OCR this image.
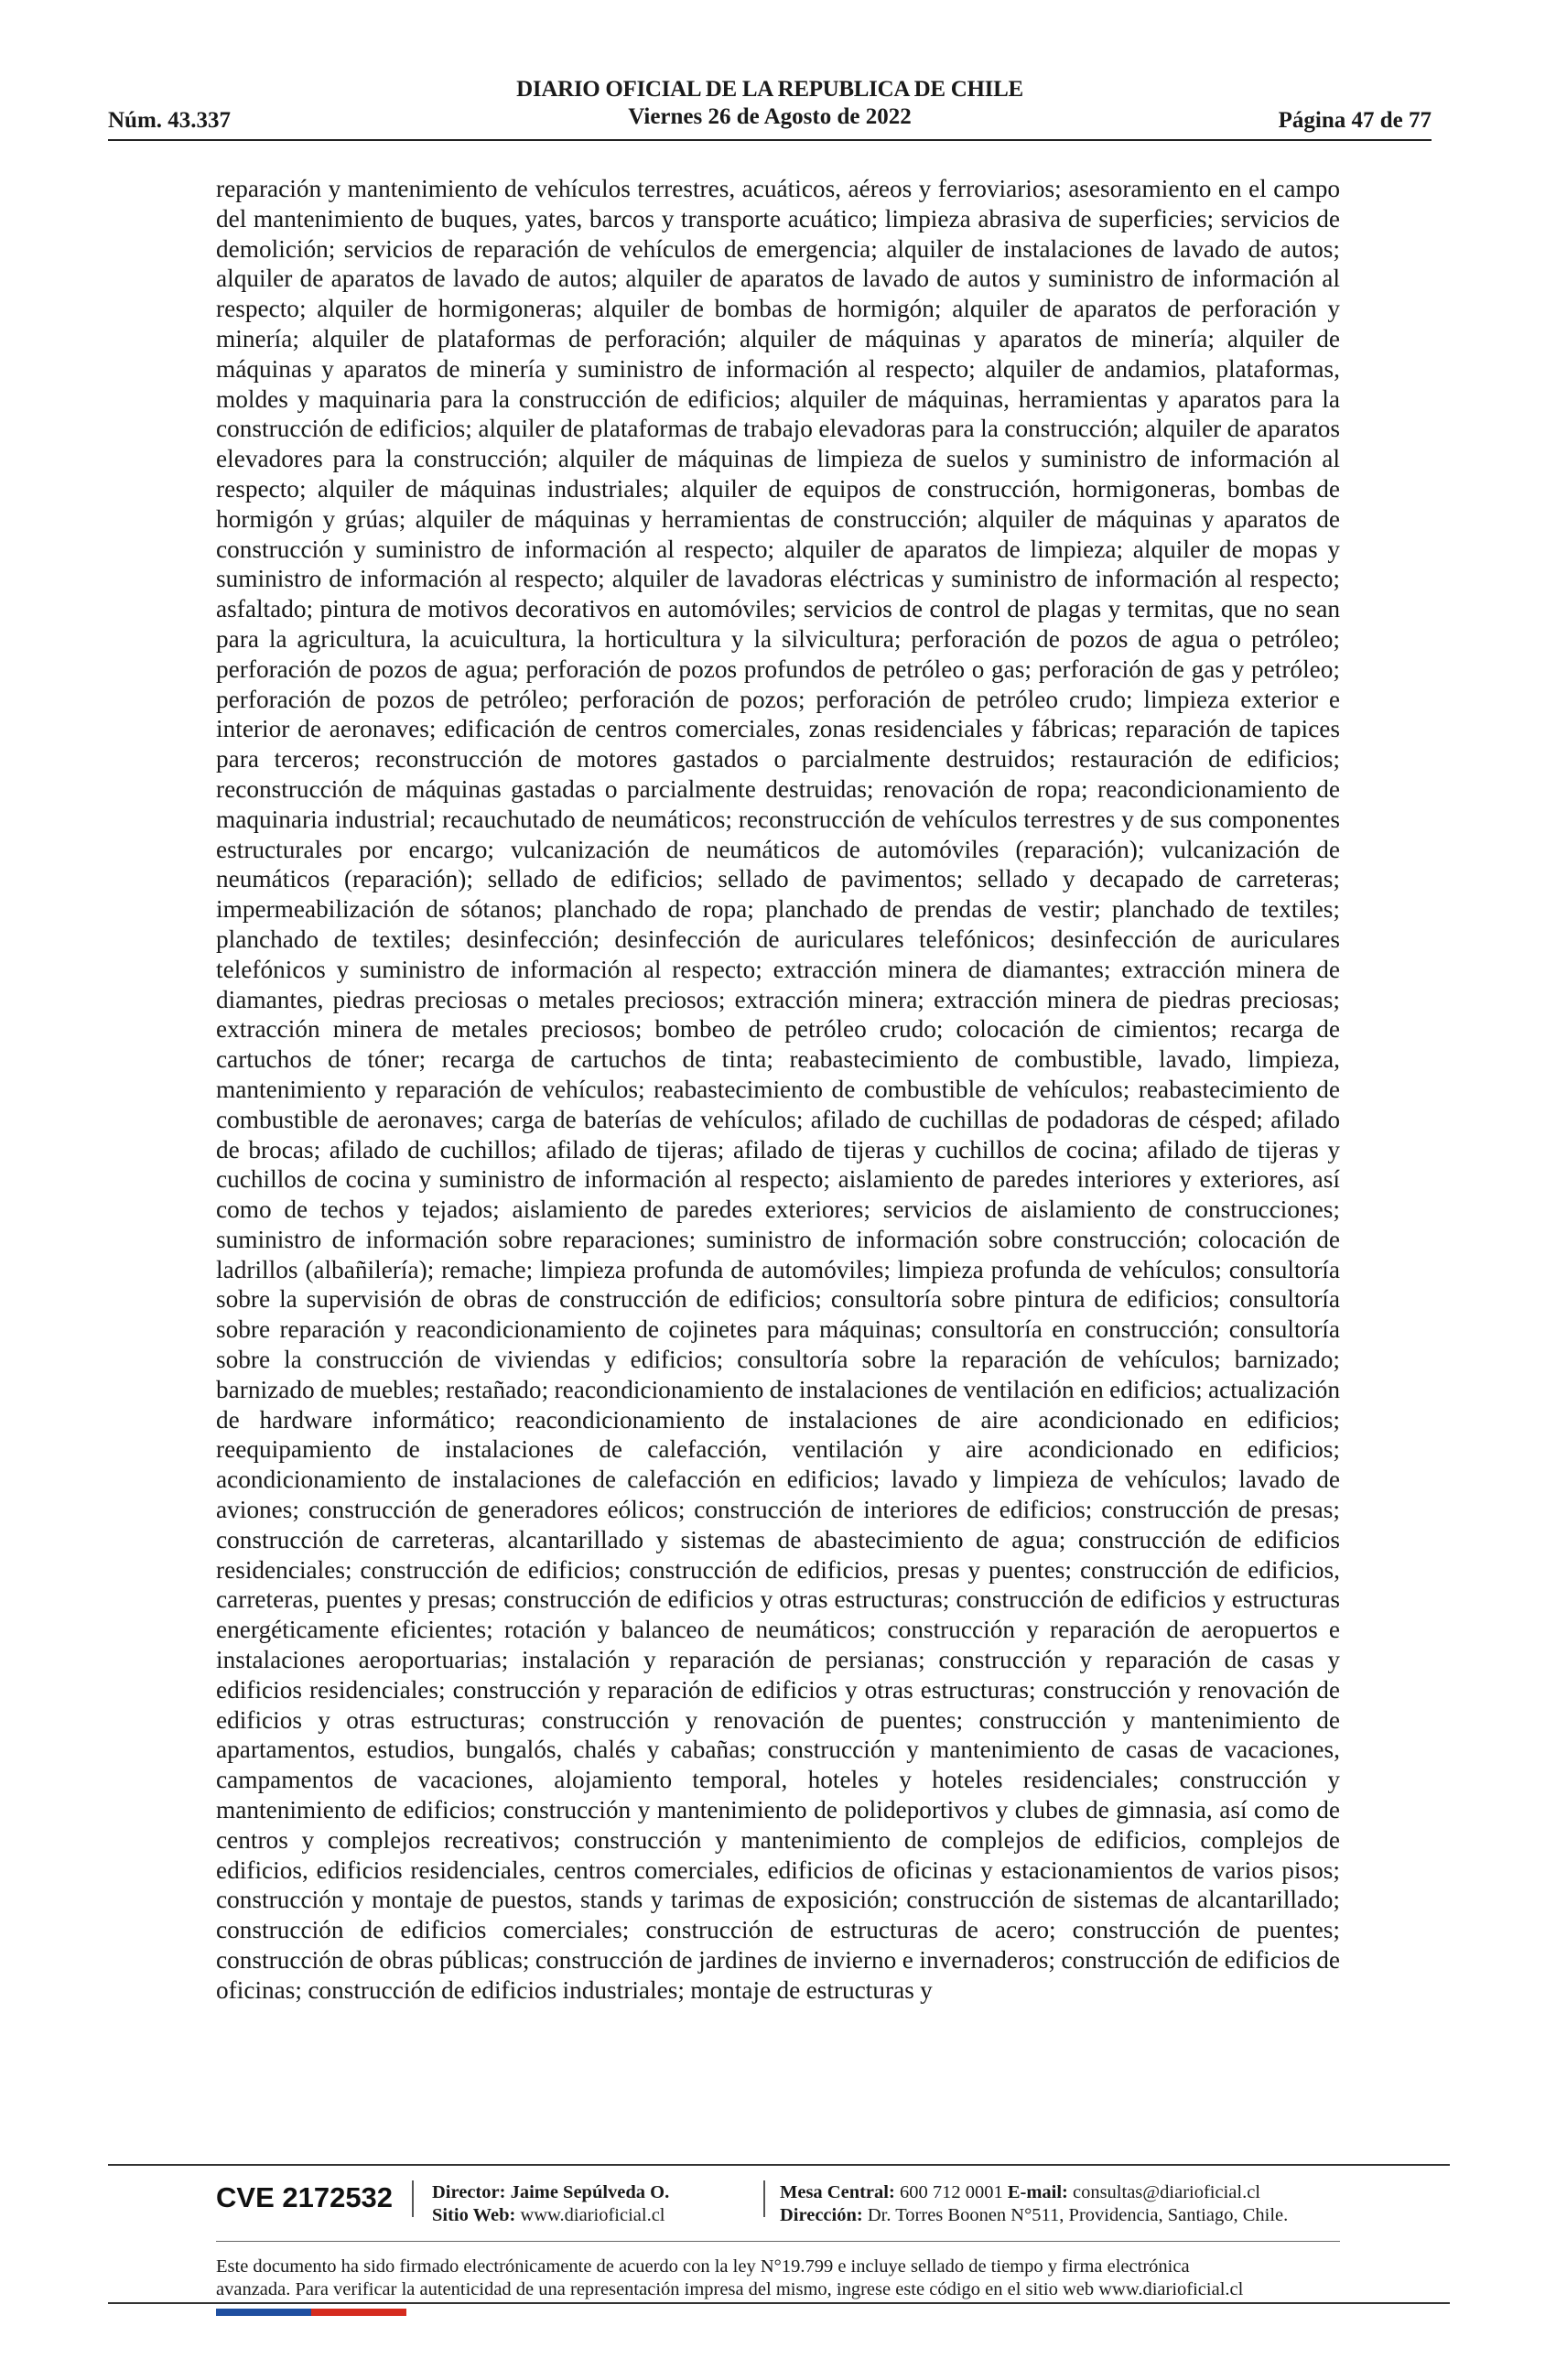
Núm. 43.337
DIARIO OFICIAL DE LA REPUBLICA DE CHILE
Viernes 26 de Agosto de 2022	Página 47 de 77
reparación y mantenimiento de vehículos terrestres, acuáticos, aéreos y ferroviarios; asesoramiento en el campo del mantenimiento de buques, yates, barcos y transporte acuático; limpieza abrasiva de superficies; servicios de demolición; servicios de reparación de vehículos de emergencia; alquiler de instalaciones de lavado de autos; alquiler de aparatos de lavado de autos; alquiler de aparatos de lavado de autos y suministro de información al respecto; alquiler de hormigoneras; alquiler de bombas de hormigón; alquiler de aparatos de perforación y minería; alquiler de plataformas de perforación; alquiler de máquinas y aparatos de minería; alquiler de máquinas y aparatos de minería y suministro de información al respecto; alquiler de andamios, plataformas, moldes y maquinaria para la construcción de edificios; alquiler de máquinas, herramientas y aparatos para la construcción de edificios; alquiler de plataformas de trabajo elevadoras para la construcción; alquiler de aparatos elevadores para la construcción; alquiler de máquinas de limpieza de suelos y suministro de información al respecto; alquiler de máquinas industriales; alquiler de equipos de construcción, hormigoneras, bombas de hormigón y grúas; alquiler de máquinas y herramientas de construcción; alquiler de máquinas y aparatos de construcción y suministro de información al respecto; alquiler de aparatos de limpieza; alquiler de mopas y suministro de información al respecto; alquiler de lavadoras eléctricas y suministro de información al respecto; asfaltado; pintura de motivos decorativos en automóviles; servicios de control de plagas y termitas, que no sean para la agricultura, la acuicultura, la horticultura y la silvicultura; perforación de pozos de agua o petróleo; perforación de pozos de agua; perforación de pozos profundos de petróleo o gas; perforación de gas y petróleo; perforación de pozos de petróleo; perforación de pozos; perforación de petróleo crudo; limpieza exterior e interior de aeronaves; edificación de centros comerciales, zonas residenciales y fábricas; reparación de tapices para terceros; reconstrucción de motores gastados o parcialmente destruidos; restauración de edificios; reconstrucción de máquinas gastadas o parcialmente destruidas; renovación de ropa; reacondicionamiento de maquinaria industrial; recauchutado de neumáticos; reconstrucción de vehículos terrestres y de sus componentes estructurales por encargo; vulcanización de neumáticos de automóviles (reparación); vulcanización de neumáticos (reparación); sellado de edificios; sellado de pavimentos; sellado y decapado de carreteras; impermeabilización de sótanos; planchado de ropa; planchado de prendas de vestir; planchado de textiles; planchado de textiles; desinfección; desinfección de auriculares telefónicos; desinfección de auriculares telefónicos y suministro de información al respecto; extracción minera de diamantes; extracción minera de diamantes, piedras preciosas o metales preciosos; extracción minera; extracción minera de piedras preciosas; extracción minera de metales preciosos; bombeo de petróleo crudo; colocación de cimientos; recarga de cartuchos de tóner; recarga de cartuchos de tinta; reabastecimiento de combustible, lavado, limpieza, mantenimiento y reparación de vehículos; reabastecimiento de combustible de vehículos; reabastecimiento de combustible de aeronaves; carga de baterías de vehículos; afilado de cuchillas de podadoras de césped; afilado de brocas; afilado de cuchillos; afilado de tijeras; afilado de tijeras y cuchillos de cocina; afilado de tijeras y cuchillos de cocina y suministro de información al respecto; aislamiento de paredes interiores y exteriores, así como de techos y tejados; aislamiento de paredes exteriores; servicios de aislamiento de construcciones; suministro de información sobre reparaciones; suministro de información sobre construcción; colocación de ladrillos (albañilería); remache; limpieza profunda de automóviles; limpieza profunda de vehículos; consultoría sobre la supervisión de obras de construcción de edificios; consultoría sobre pintura de edificios; consultoría sobre reparación y reacondicionamiento de cojinetes para máquinas; consultoría en construcción; consultoría sobre la construcción de viviendas y edificios; consultoría sobre la reparación de vehículos; barnizado; barnizado de muebles; restañado; reacondicionamiento de instalaciones de ventilación en edificios; actualización de hardware informático; reacondicionamiento de instalaciones de aire acondicionado en edificios; reequipamiento de instalaciones de calefacción, ventilación y aire acondicionado en edificios; acondicionamiento de instalaciones de calefacción en edificios; lavado y limpieza de vehículos; lavado de aviones; construcción de generadores eólicos; construcción de interiores de edificios; construcción de presas; construcción de carreteras, alcantarillado y sistemas de abastecimiento de agua; construcción de edificios residenciales; construcción de edificios; construcción de edificios, presas y puentes; construcción de edificios, carreteras, puentes y presas; construcción de edificios y otras estructuras; construcción de edificios y estructuras energéticamente eficientes; rotación y balanceo de neumáticos; construcción y reparación de aeropuertos e instalaciones aeroportuarias; instalación y reparación de persianas; construcción y reparación de casas y edificios residenciales; construcción y reparación de edificios y otras estructuras; construcción y renovación de edificios y otras estructuras; construcción y renovación de puentes; construcción y mantenimiento de apartamentos, estudios, bungalós, chalés y cabañas; construcción y mantenimiento de casas de vacaciones, campamentos de vacaciones, alojamiento temporal, hoteles y hoteles residenciales; construcción y mantenimiento de edificios; construcción y mantenimiento de polideportivos y clubes de gimnasia, así como de centros y complejos recreativos; construcción y mantenimiento de complejos de edificios, complejos de edificios, edificios residenciales, centros comerciales, edificios de oficinas y estacionamientos de varios pisos; construcción y montaje de puestos, stands y tarimas de exposición; construcción de sistemas de alcantarillado; construcción de edificios comerciales; construcción de estructuras de acero; construcción de puentes; construcción de obras públicas; construcción de jardines de invierno e invernaderos; construcción de edificios de oficinas; construcción de edificios industriales; montaje de estructuras y
CVE 2172532 Director: Jaime Sepúlveda O.
Sitio Web: www.diarioficial.cl
Mesa Central: 600 712 0001 E-mail: consultas@diarioficial.cl
Dirección: Dr. Torres Boonen N°511, Providencia, Santiago, Chile.
Este documento ha sido firmado electrónicamente de acuerdo con la ley N°19.799 e incluye sellado de tiempo y firma electrónica
avanzada. Para verificar la autenticidad de una representación impresa del mismo, ingrese este código en el sitio web www.diarioficial.cl
